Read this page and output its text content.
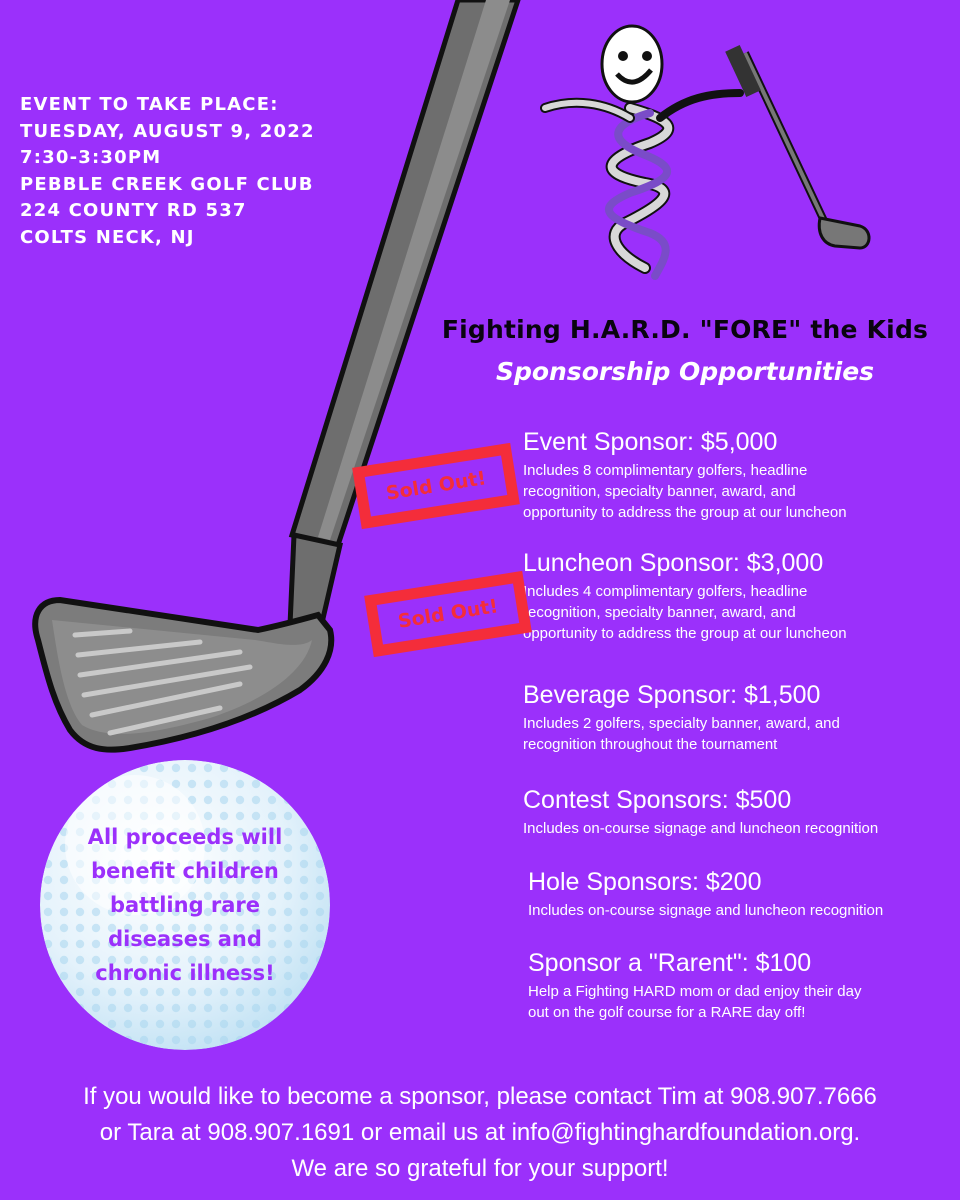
EVENT TO TAKE PLACE:
TUESDAY, AUGUST 9, 2022
7:30-3:30PM
PEBBLE CREEK GOLF CLUB
224 COUNTY RD 537
COLTS NECK, NJ
Fighting H.A.R.D. "FORE" the Kids
Sponsorship Opportunities
Event Sponsor: $5,000
Includes 8 complimentary golfers, headline
recognition, specialty banner, award, and
opportunity to address the group at our luncheon
Luncheon Sponsor: $3,000
Includes 4 complimentary golfers, headline
recognition, specialty banner, award, and
opportunity to address the group at our luncheon
Beverage Sponsor: $1,500
Includes 2 golfers, specialty banner, award, and
recognition throughout the tournament
Contest Sponsors: $500
Includes on-course signage and luncheon recognition
Hole Sponsors: $200
Includes on-course signage and luncheon recognition
Sponsor a "Rarent": $100
Help a Fighting HARD mom or dad enjoy their day
out on the golf course for a RARE day off!
Sold Out!
Sold Out!
All proceeds will
benefit children
battling rare
diseases and
chronic illness!
If you would like to become a sponsor, please contact Tim at 908.907.7666
or Tara at 908.907.1691 or email us at info@fightinghardfoundation.org.
We are so grateful for your support!
